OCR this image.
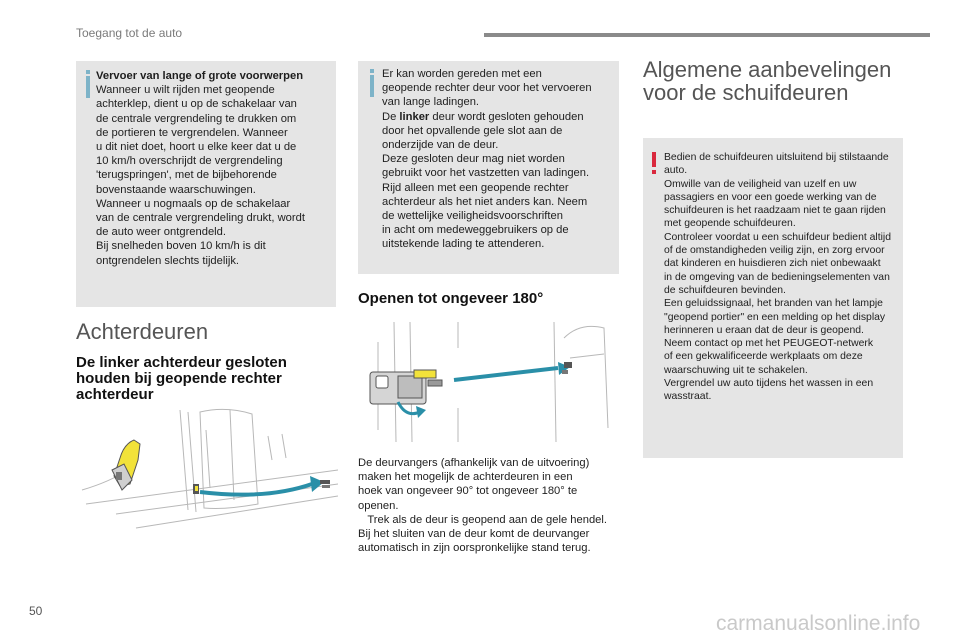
Toegang tot de auto
Vervoer van lange of grote voorwerpen
Wanneer u wilt rijden met geopende
achterklep, dient u op de schakelaar van
de centrale vergrendeling te drukken om
de portieren te vergrendelen. Wanneer
u dit niet doet, hoort u elke keer dat u de
10 km/h overschrijdt de vergrendeling
'terugspringen', met de bijbehorende
bovenstaande waarschuwingen.
Wanneer u nogmaals op de schakelaar
van de centrale vergrendeling drukt, wordt
de auto weer ontgrendeld.
Bij snelheden boven 10 km/h is dit
ontgrendelen slechts tijdelijk.
Achterdeuren
De linker achterdeur gesloten houden bij geopende rechter achterdeur
Er kan worden gereden met een
geopende rechter deur voor het vervoeren
van lange ladingen.
De linker deur wordt gesloten gehouden
door het opvallende gele slot aan de
onderzijde van de deur.
Deze gesloten deur mag niet worden
gebruikt voor het vastzetten van ladingen.
Rijd alleen met een geopende rechter
achterdeur als het niet anders kan. Neem
de wettelijke veiligheidsvoorschriften
in acht om medeweggebruikers op de
uitstekende lading te attenderen.
Openen tot ongeveer 180°
De deurvangers (afhankelijk van de uitvoering)
maken het mogelijk de achterdeuren in een
hoek van ongeveer 90° tot ongeveer 180° te
openen.
Trek als de deur is geopend aan de gele hendel.
Bij het sluiten van de deur komt de deurvanger
automatisch in zijn oorspronkelijke stand terug.
Algemene aanbevelingen voor de schuifdeuren
Bedien de schuifdeuren uitsluitend bij stilstaande
auto.
Omwille van de veiligheid van uzelf en uw
passagiers en voor een goede werking van de
schuifdeuren is het raadzaam niet te gaan rijden
met geopende schuifdeuren.
Controleer voordat u een schuifdeur bedient altijd
of de omstandigheden veilig zijn, en zorg ervoor
dat kinderen en huisdieren zich niet onbewaakt
in de omgeving van de bedieningselementen van
de schuifdeuren bevinden.
Een geluidssignaal, het branden van het lampje
"geopend portier" en een melding op het display
herinneren u eraan dat de deur is geopend.
Neem contact op met het PEUGEOT-netwerk
of een gekwalificeerde werkplaats om deze
waarschuwing uit te schakelen.
Vergrendel uw auto tijdens het wassen in een
wasstraat.
50
carmanualsonline.info
